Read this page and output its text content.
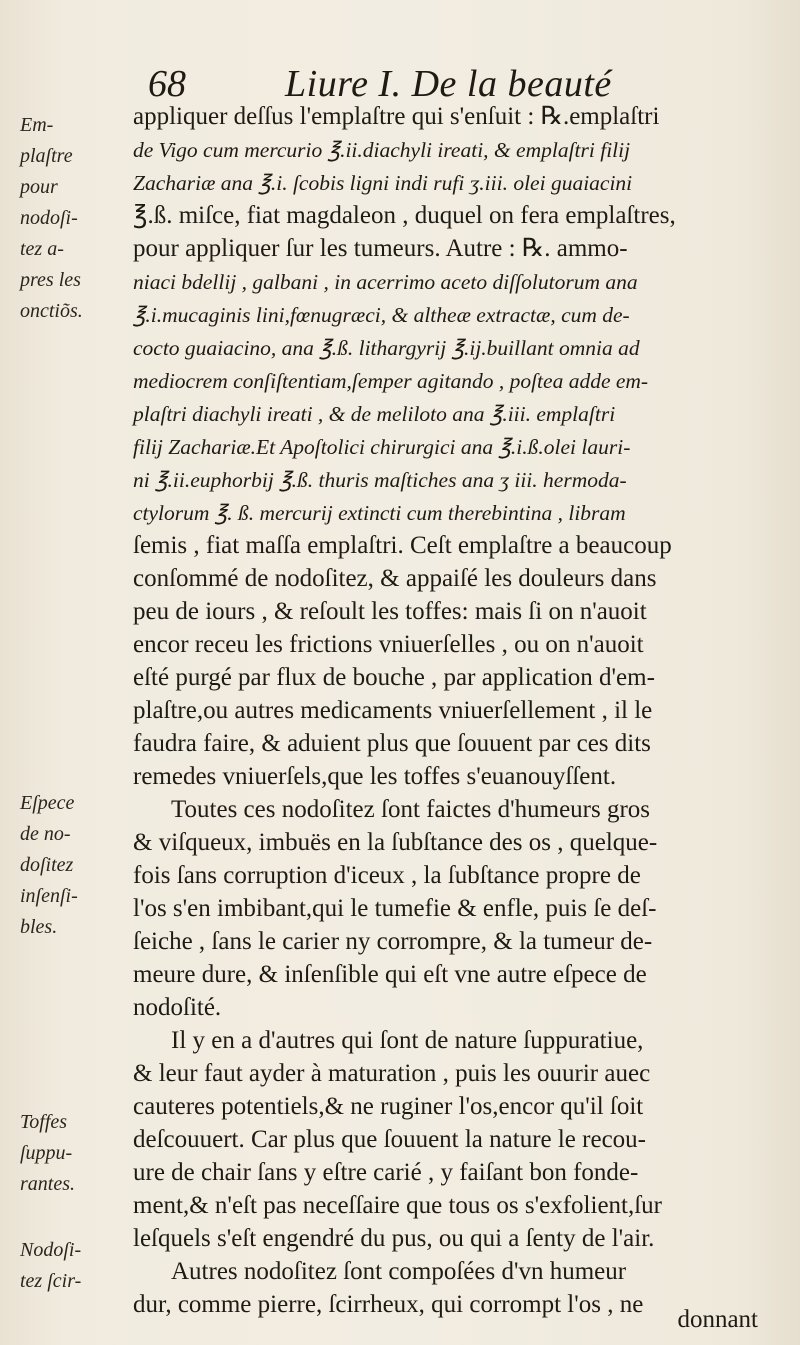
68	Liure I. De la beauté
Em-
plaſtre
pour
nodoſi-
tez a-
pres les
onctiõs.
Eſpece
de no-
doſitez
inſenſi-
bles.
Toffes
ſuppu-
rantes.
Nodoſi-
tez ſcir-
appliquer deſſus l'emplaſtre qui s'enſuit : ℞.emplaſtri
de Vigo cum mercurio ℥.ii.diachyli ireati, & emplaſtri filij
Zachariæ ana ℥.i. ſcobis ligni indi rufi ʒ.iii. olei guaiacini
℥.ß. miſce, fiat magdaleon , duquel on fera emplaſtres,
pour appliquer ſur les tumeurs. Autre : ℞. ammo-
niaci bdellij , galbani , in acerrimo aceto diſſolutorum ana
℥.i.mucaginis lini,fœnugræci, & altheæ extractæ, cum de-
cocto guaiacino, ana ℥.ß. lithargyrij ℥.ij.buillant omnia ad
mediocrem conſiſtentiam,ſemper agitando , poſtea adde em-
plaſtri diachyli ireati , & de meliloto ana ℥.iii. emplaſtri
filij Zachariæ.Et Apoſtolici chirurgici ana ℥.i.ß.olei lauri-
ni ℥.ii.euphorbij ℥.ß. thuris maſtiches ana ʒ iii. hermoda-
ctylorum ℥. ß. mercurij extincti cum therebintina , libram
ſemis , fiat maſſa emplaſtri. Ceſt emplaſtre a beaucoup
conſommé de nodoſitez, & appaiſé les douleurs dans
peu de iours , & reſoult les toffes: mais ſi on n'auoit
encor receu les frictions vniuerſelles , ou on n'auoit
eſté purgé par flux de bouche , par application d'em-
plaſtre,ou autres medicaments vniuerſellement , il le
faudra faire, & aduient plus que ſouuent par ces dits
remedes vniuerſels,que les toffes s'euanouyſſent.
Toutes ces nodoſitez ſont faictes d'humeurs gros
& viſqueux, imbuës en la ſubſtance des os , quelque-
fois ſans corruption d'iceux , la ſubſtance propre de
l'os s'en imbibant,qui le tumefie & enfle, puis ſe deſ-
ſeiche , ſans le carier ny corrompre, & la tumeur de-
meure dure, & inſenſible qui eſt vne autre eſpece de
nodoſité.
Il y en a d'autres qui ſont de nature ſuppuratiue,
& leur faut ayder à maturation , puis les ouurir auec
cauteres potentiels,& ne ruginer l'os,encor qu'il ſoit
deſcouuert. Car plus que ſouuent la nature le recou-
ure de chair ſans y eſtre carié , y faiſant bon fonde-
ment,& n'eſt pas neceſſaire que tous os s'exfolient,ſur
leſquels s'eſt engendré du pus, ou qui a ſenty de l'air.
Autres nodoſitez ſont compoſées d'vn humeur
dur, comme pierre, ſcirrheux, qui corrompt l'os , ne
donnant
